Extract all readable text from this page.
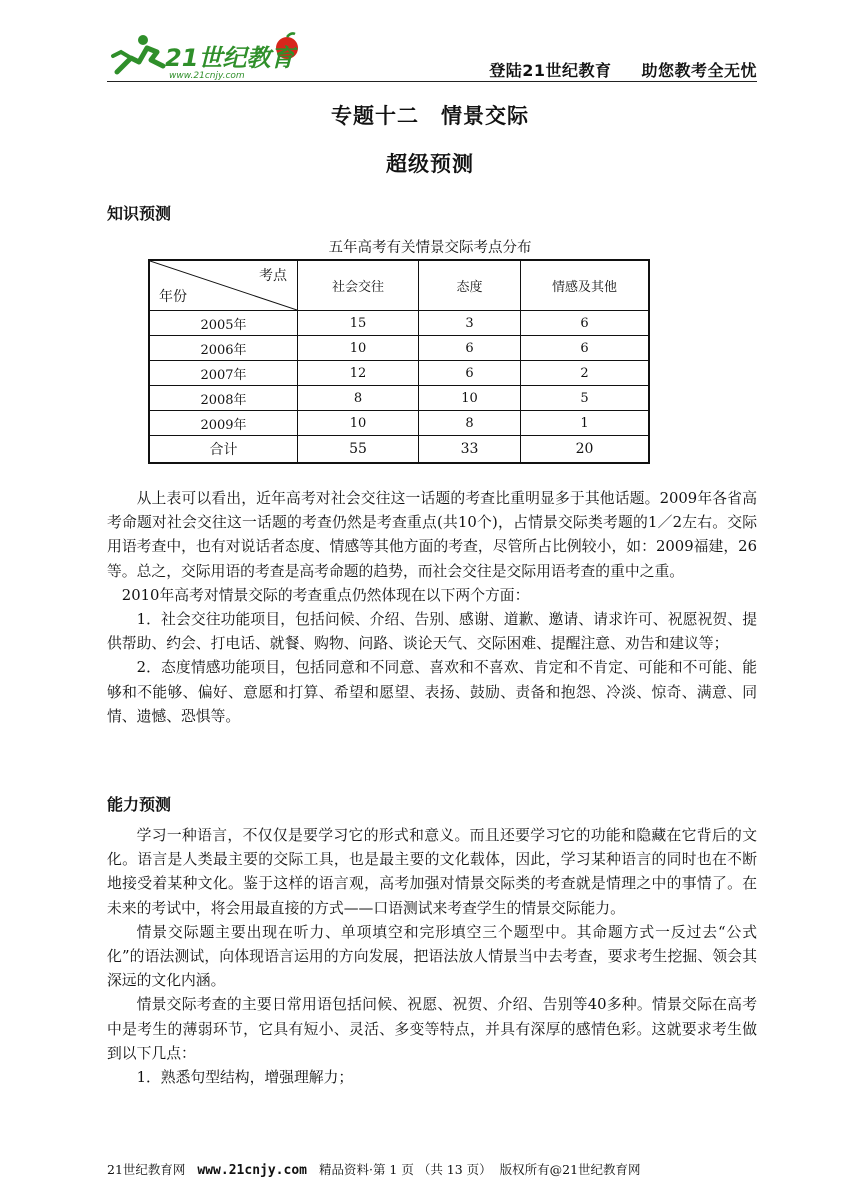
21世纪教育
www.21cnjy.com	登陆21世纪教育 助您教考全无忧
专题十二　情景交际
超级预测
知识预测
五年高考有关情景交际考点分布
考点
年份	社会交往	态度	情感及其他
2005年	15	3	6
2006年	10	6	6
2007年	12	6	2
2008年	8	10	5
2009年	10	8	1
合计	55	33	20

从上表可以看出，近年高考对社会交往这一话题的考查比重明显多于其他话题。2009年各省高考命题对社会交往这一话题的考查仍然是考查重点(共10个)，占情景交际类考题的1／2左右。交际用语考查中，也有对说话者态度、情感等其他方面的考查，尽管所占比例较小，如：2009福建，26等。总之，交际用语的考查是高考命题的趋势，而社会交往是交际用语考查的重中之重。

2010年高考对情景交际的考查重点仍然体现在以下两个方面：

1．社会交往功能项目，包括问候、介绍、告别、感谢、道歉、邀请、请求许可、祝愿祝贺、提供帮助、约会、打电话、就餐、购物、问路、谈论天气、交际困难、提醒注意、劝告和建议等；

2．态度情感功能项目，包括同意和不同意、喜欢和不喜欢、肯定和不肯定、可能和不可能、能够和不能够、偏好、意愿和打算、希望和愿望、表扬、鼓励、责备和抱怨、冷淡、惊奇、满意、同情、遗憾、恐惧等。

能力预测

学习一种语言，不仅仅是要学习它的形式和意义。而且还要学习它的功能和隐藏在它背后的文化。语言是人类最主要的交际工具，也是最主要的文化载体，因此，学习某种语言的同时也在不断地接受着某种文化。鉴于这样的语言观，高考加强对情景交际类的考查就是情理之中的事情了。在未来的考试中，将会用最直接的方式——口语测试来考查学生的情景交际能力。

情景交际题主要出现在听力、单项填空和完形填空三个题型中。其命题方式一反过去“公式化”的语法测试，向体现语言运用的方向发展，把语法放人情景当中去考查，要求考生挖掘、领会其深远的文化内涵。

情景交际考查的主要日常用语包括问候、祝愿、祝贺、介绍、告别等40多种。情景交际在高考中是考生的薄弱环节，它具有短小、灵活、多变等特点，并具有深厚的感情色彩。这就要求考生做到以下几点：

1．熟悉句型结构，增强理解力；

21世纪教育网 www.21cnjy.com 精品资料·第 1 页 （共 13 页） 版权所有@21世纪教育网
